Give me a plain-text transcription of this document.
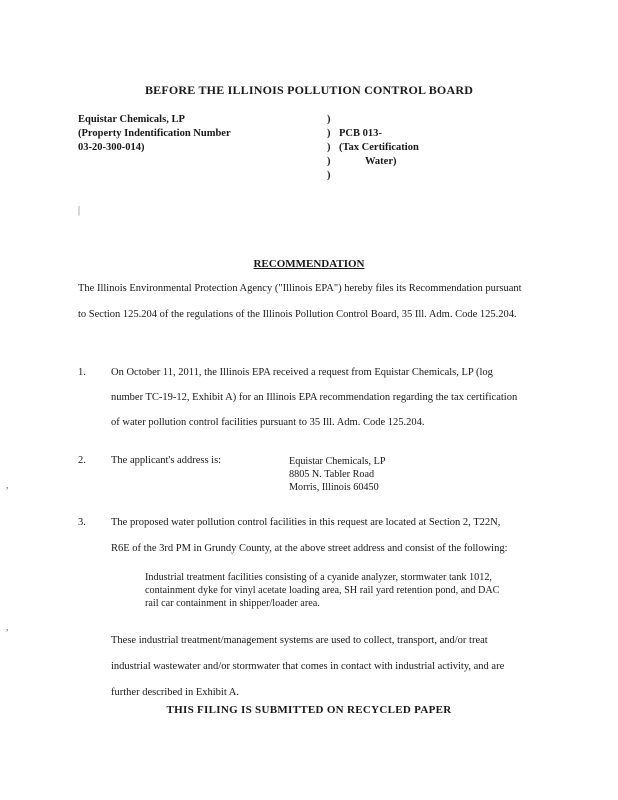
BEFORE THE ILLINOIS POLLUTION CONTROL BOARD
Equistar Chemicals, LP
(Property Indentification Number
03-20-300-014)
)
)
)
)
)
PCB 013-
(Tax Certification
Water)
|
RECOMMENDATION
The Illinois Environmental Protection Agency ("Illinois EPA") hereby files its Recommendation pursuant
to Section 125.204 of the regulations of the Illinois Pollution Control Board, 35 Ill. Adm. Code 125.204.
1. On October 11, 2011, the Illinois EPA received a request from Equistar Chemicals, LP (log
number TC-19-12, Exhibit A) for an Illinois EPA recommendation regarding the tax certification
of water pollution control facilities pursuant to 35 Ill. Adm. Code 125.204.
2. The applicant's address is:	Equistar Chemicals, LP
8805 N. Tabler Road
Morris, Illinois 60450
,
3. The proposed water pollution control facilities in this request are located at Section 2, T22N,
R6E of the 3rd PM in Grundy County, at the above street address and consist of the following:
Industrial treatment facilities consisting of a cyanide analyzer, stormwater tank 1012,
containment dyke for vinyl acetate loading area, SH rail yard retention pond, and DAC
rail car containment in shipper/loader area.
,
These industrial treatment/management systems are used to collect, transport, and/or treat
industrial wastewater and/or stormwater that comes in contact with industrial activity, and are
further described in Exhibit A.
THIS FILING IS SUBMITTED ON RECYCLED PAPER
